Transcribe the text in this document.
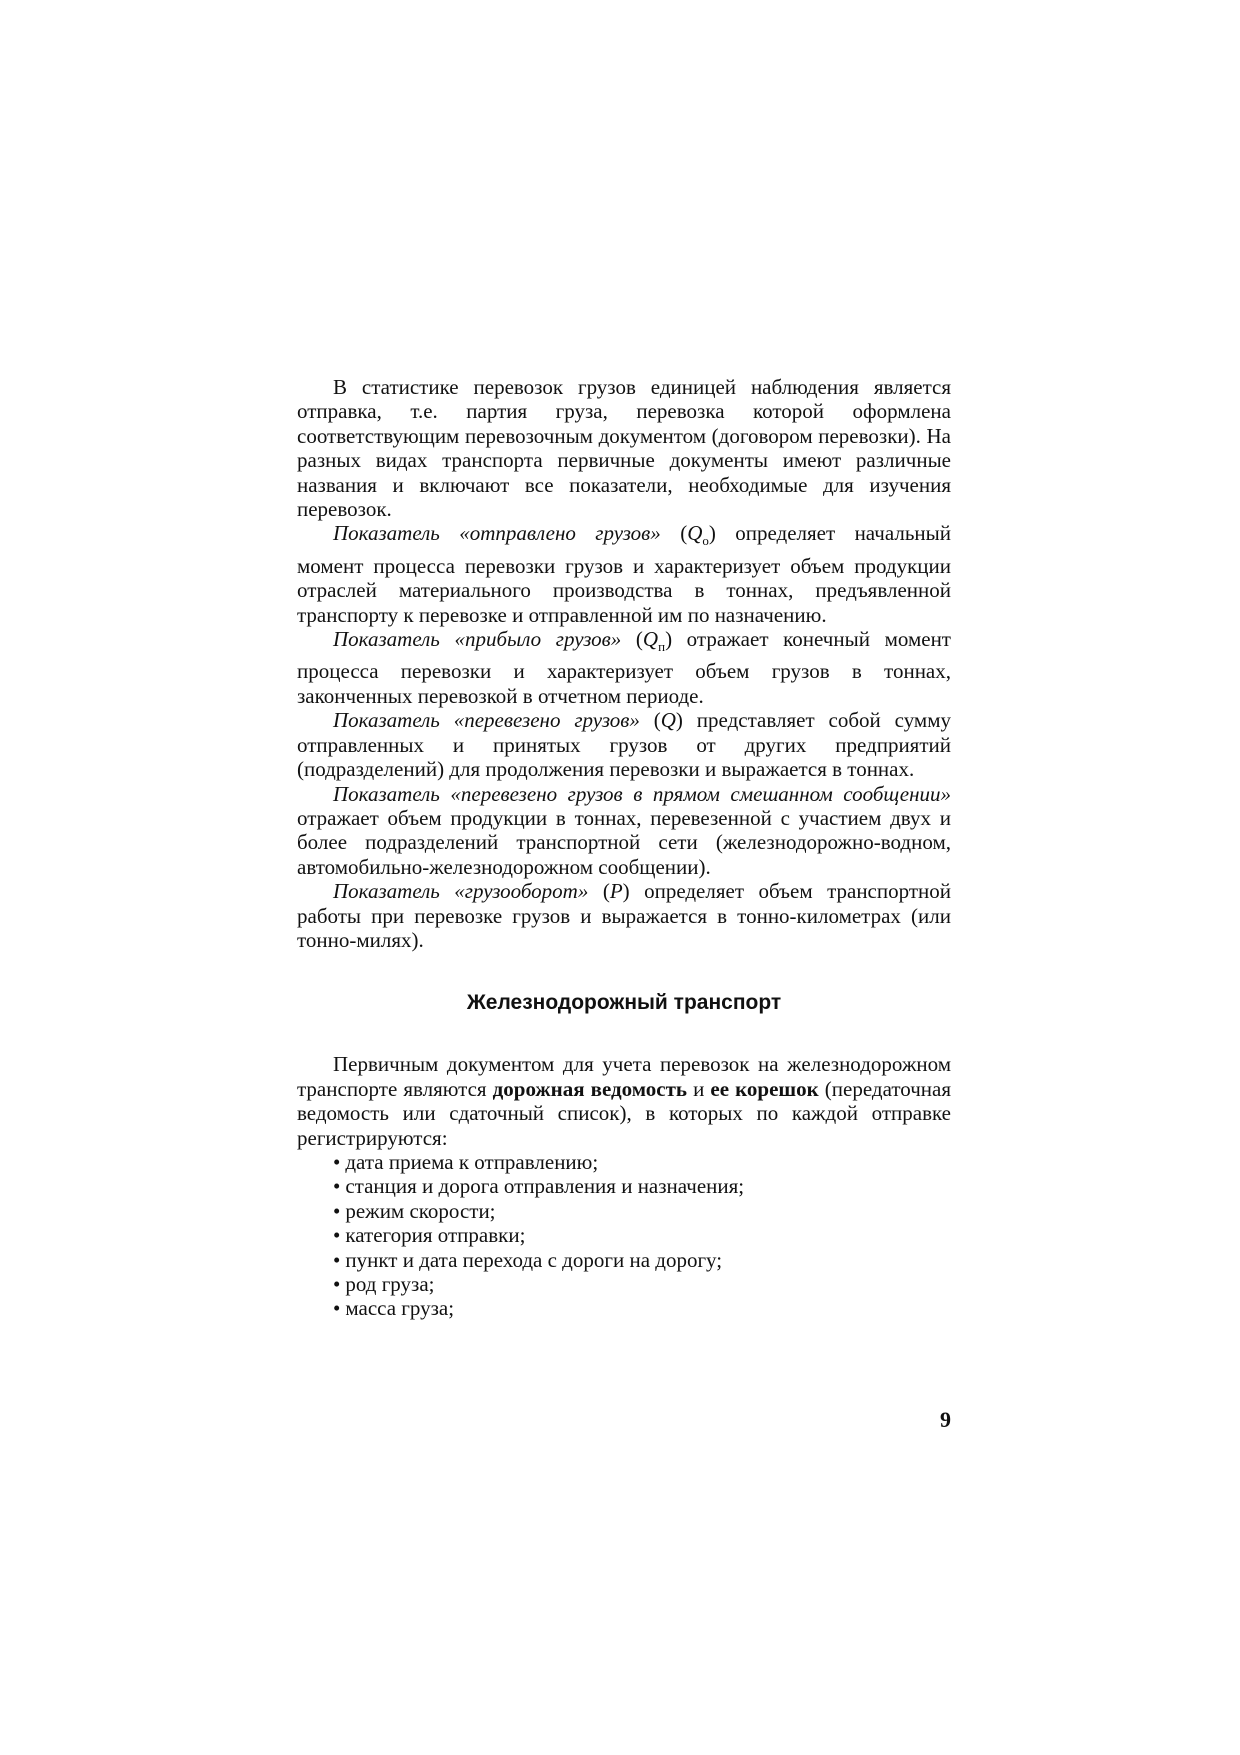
В статистике перевозок грузов единицей наблюдения является отправка, т.е. партия груза, перевозка которой оформлена соответствующим перевозочным документом (договором перевозки). На разных видах транспорта первичные документы имеют различные названия и включают все показатели, необходимые для изучения перевозок.

Показатель «отправлено грузов» $(Q_o)$ определяет начальный момент процесса перевозки грузов и характеризует объем продукции отраслей материального производства в тоннах, предъявленной транспорту к перевозке и отправленной им по назначению.

Показатель «прибыло грузов» $(Q_п)$ отражает конечный момент процесса перевозки и характеризует объем грузов в тоннах, законченных перевозкой в отчетном периоде.

Показатель «перевезено грузов» (Q) представляет собой сумму отправленных и принятых грузов от других предприятий (подразделений) для продолжения перевозки и выражается в тоннах.

Показатель «перевезено грузов в прямом смешанном сообщении» отражает объем продукции в тоннах, перевезенной с участием двух и более подразделений транспортной сети (железнодорожно-водном, автомобильно-железнодорожном сообщении).

Показатель «грузооборот» (P) определяет объем транспортной работы при перевозке грузов и выражается в тонно-километрах (или тонно-милях).

Железнодорожный транспорт

Первичным документом для учета перевозок на железнодорожном транспорте являются дорожная ведомость и ее корешок (передаточная ведомость или сдаточный список), в которых по каждой отправке регистрируются:

• дата приема к отправлению;
• станция и дорога отправления и назначения;
• режим скорости;
• категория отправки;
• пункт и дата перехода с дороги на дорогу;
• род груза;
• масса груза;
9
